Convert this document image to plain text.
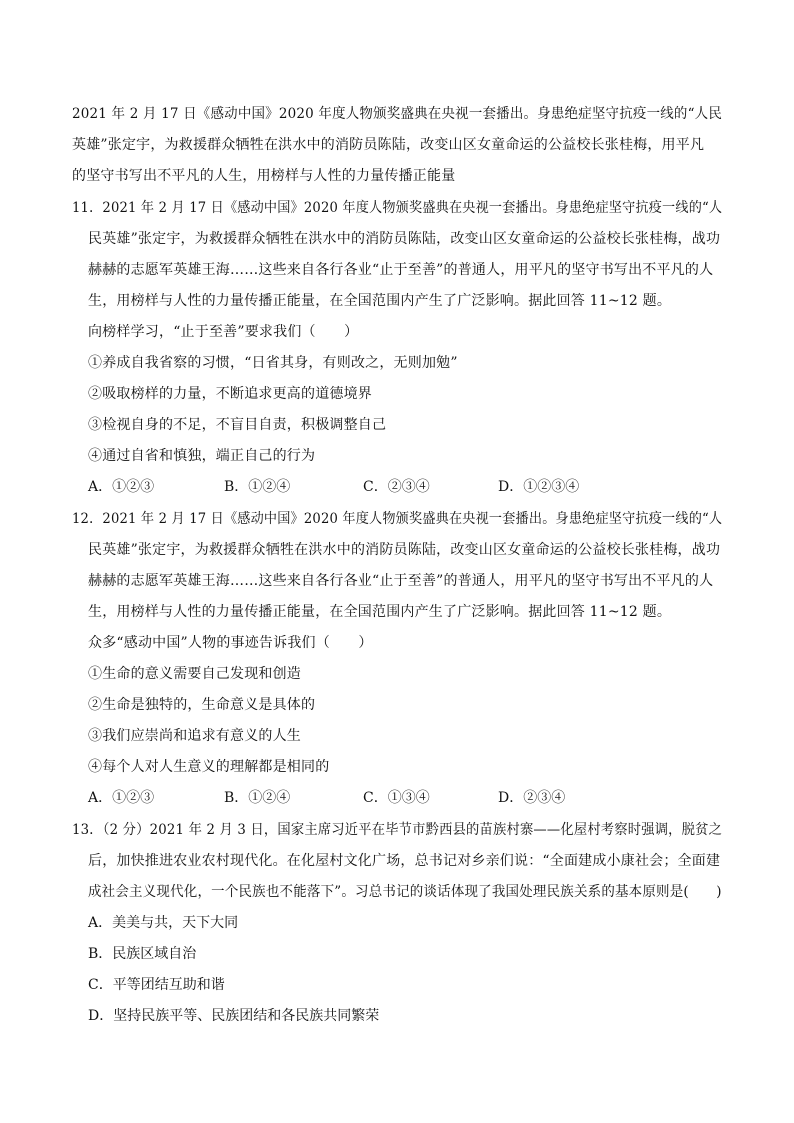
2021 年 2 月 17 日《感动中国》2020 年度人物颁奖盛典在央视一套播出。身患绝症坚守抗疫一线的“人民
英雄”张定宇，为救援群众牺牲在洪水中的消防员陈陆，改变山区女童命运的公益校长张桂梅，用平凡
的坚守书写出不平凡的人生，用榜样与人性的力量传播正能量
11．2021 年 2 月 17 日《感动中国》2020 年度人物颁奖盛典在央视一套播出。身患绝症坚守抗疫一线的“人
民英雄”张定宇，为救援群众牺牲在洪水中的消防员陈陆，改变山区女童命运的公益校长张桂梅，战功
赫赫的志愿军英雄王海……这些来自各行各业“止于至善”的普通人，用平凡的坚守书写出不平凡的人
生，用榜样与人性的力量传播正能量，在全国范围内产生了广泛影响。据此回答 11~12 题。
向榜样学习，“止于至善”要求我们（　　）
①养成自我省察的习惯，“日省其身，有则改之，无则加勉”
②吸取榜样的力量，不断追求更高的道德境界
③检视自身的不足，不盲目自责，积极调整自己
④通过自省和慎独，端正自己的行为
A．①②③	B．①②④	C．②③④	D．①②③④
12．2021 年 2 月 17 日《感动中国》2020 年度人物颁奖盛典在央视一套播出。身患绝症坚守抗疫一线的“人
民英雄”张定宇，为救援群众牺牲在洪水中的消防员陈陆，改变山区女童命运的公益校长张桂梅，战功
赫赫的志愿军英雄王海……这些来自各行各业“止于至善”的普通人，用平凡的坚守书写出不平凡的人
生，用榜样与人性的力量传播正能量，在全国范围内产生了广泛影响。据此回答 11~12 题。
众多“感动中国”人物的事迹告诉我们（　　）
①生命的意义需要自己发现和创造
②生命是独特的，生命意义是具体的
③我们应崇尚和追求有意义的人生
④每个人对人生意义的理解都是相同的
A．①②③	B．①②④	C．①③④	D．②③④
13．（2 分）2021 年 2 月 3 日，国家主席习近平在毕节市黔西县的苗族村寨——化屋村考察时强调，脱贫之
后，加快推进农业农村现代化。在化屋村文化广场，总书记对乡亲们说：“全面建成小康社会；全面建
成社会主义现代化，一个民族也不能落下”。习总书记的谈话体现了我国处理民族关系的基本原则是(　　)
A．美美与共，天下大同
B．民族区域自治
C．平等团结互助和谐
D．坚持民族平等、民族团结和各民族共同繁荣
